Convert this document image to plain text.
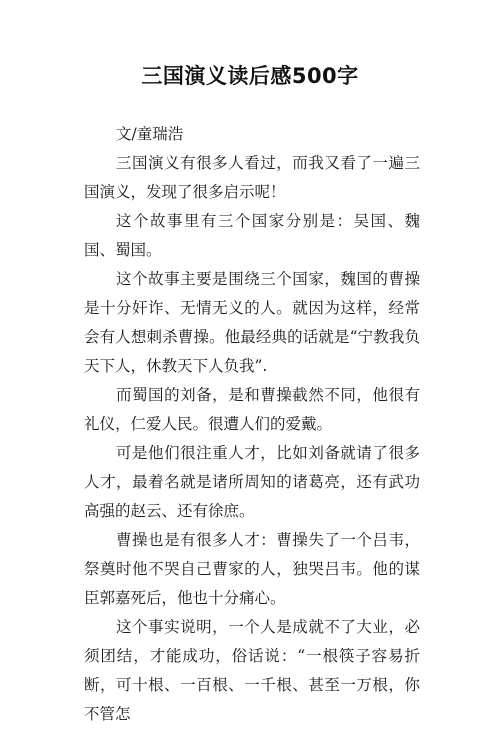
三国演义读后感500字

文/童瑞浩

三国演义有很多人看过，而我又看了一遍三国演义，发现了很多启示呢！

这个故事里有三个国家分别是：吴国、魏国、蜀国。

这个故事主要是围绕三个国家，魏国的曹操是十分奸诈、无情无义的人。就因为这样，经常会有人想刺杀曹操。他最经典的话就是“宁教我负天下人，休教天下人负我”.

而蜀国的刘备，是和曹操截然不同，他很有礼仪，仁爱人民。很遭人们的爱戴。

可是他们很注重人才，比如刘备就请了很多人才，最着名就是诸所周知的诸葛亮，还有武功高强的赵云、还有徐庶。

曹操也是有很多人才：曹操失了一个吕韦，祭奠时他不哭自己曹家的人，独哭吕韦。他的谋臣郭嘉死后，他也十分痛心。

这个事实说明，一个人是成就不了大业，必须团结，才能成功，俗话说：“一根筷子容易折断，可十根、一百根、一千根、甚至一万根，你不管怎
